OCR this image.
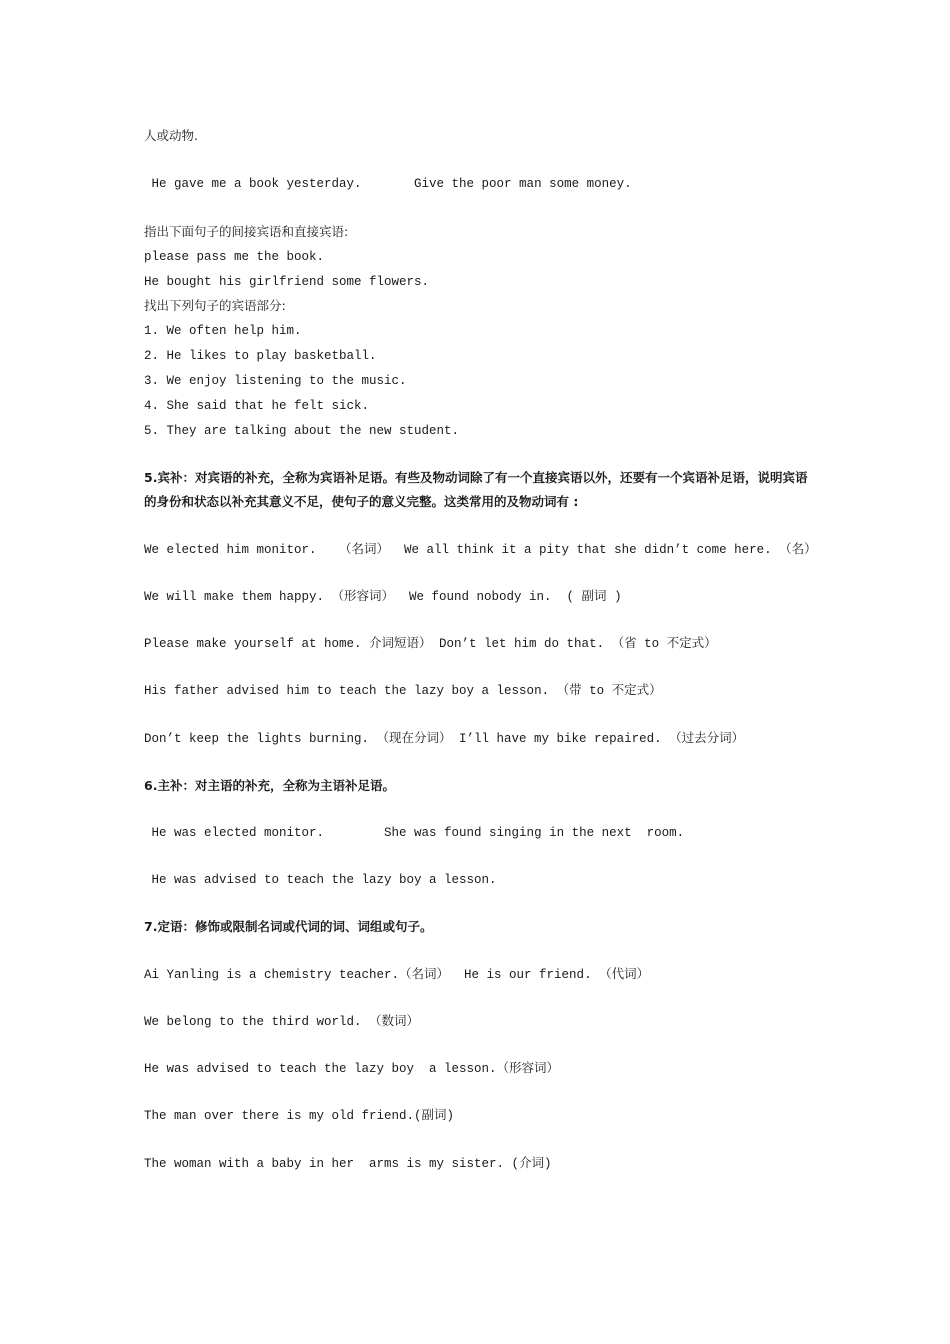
人或动物.
He gave me a book yesterday.       Give the poor man some money.
指出下面句子的间接宾语和直接宾语:
please pass me the book.
He bought his girlfriend some flowers.
找出下列句子的宾语部分:
1. We often help him.
2. He likes to play basketball.
3. We enjoy listening to the music.
4. She said that he felt sick.
5. They are talking about the new student.
5.宾补：对宾语的补充，全称为宾语补足语。有些及物动词除了有一个直接宾语以外，还要有一个宾语补足语，说明宾语的身份和状态以补充其意义不足，使句子的意义完整。这类常用的及物动词有 :
We elected him monitor.   （名词）  We all think it a pity that she didn’t come here. （名）
We will make them happy. （形容词）  We found nobody in.  ( 副词 )
Please make yourself at home. 介词短语） Don’t let him do that. （省 to 不定式）
His father advised him to teach the lazy boy a lesson. （带 to 不定式）
Don’t keep the lights burning. （现在分词） I’ll have my bike repaired. （过去分词）
6.主补：对主语的补充，全称为主语补足语。
He was elected monitor.        She was found singing in the next  room.
He was advised to teach the lazy boy a lesson.
7.定语：修饰或限制名词或代词的词、词组或句子。
Ai Yanling is a chemistry teacher.（名词）  He is our friend. （代词）
We belong to the third world. （数词）
He was advised to teach the lazy boy  a lesson.（形容词）
The man over there is my old friend.(副词)
The woman with a baby in her  arms is my sister. (介词)
